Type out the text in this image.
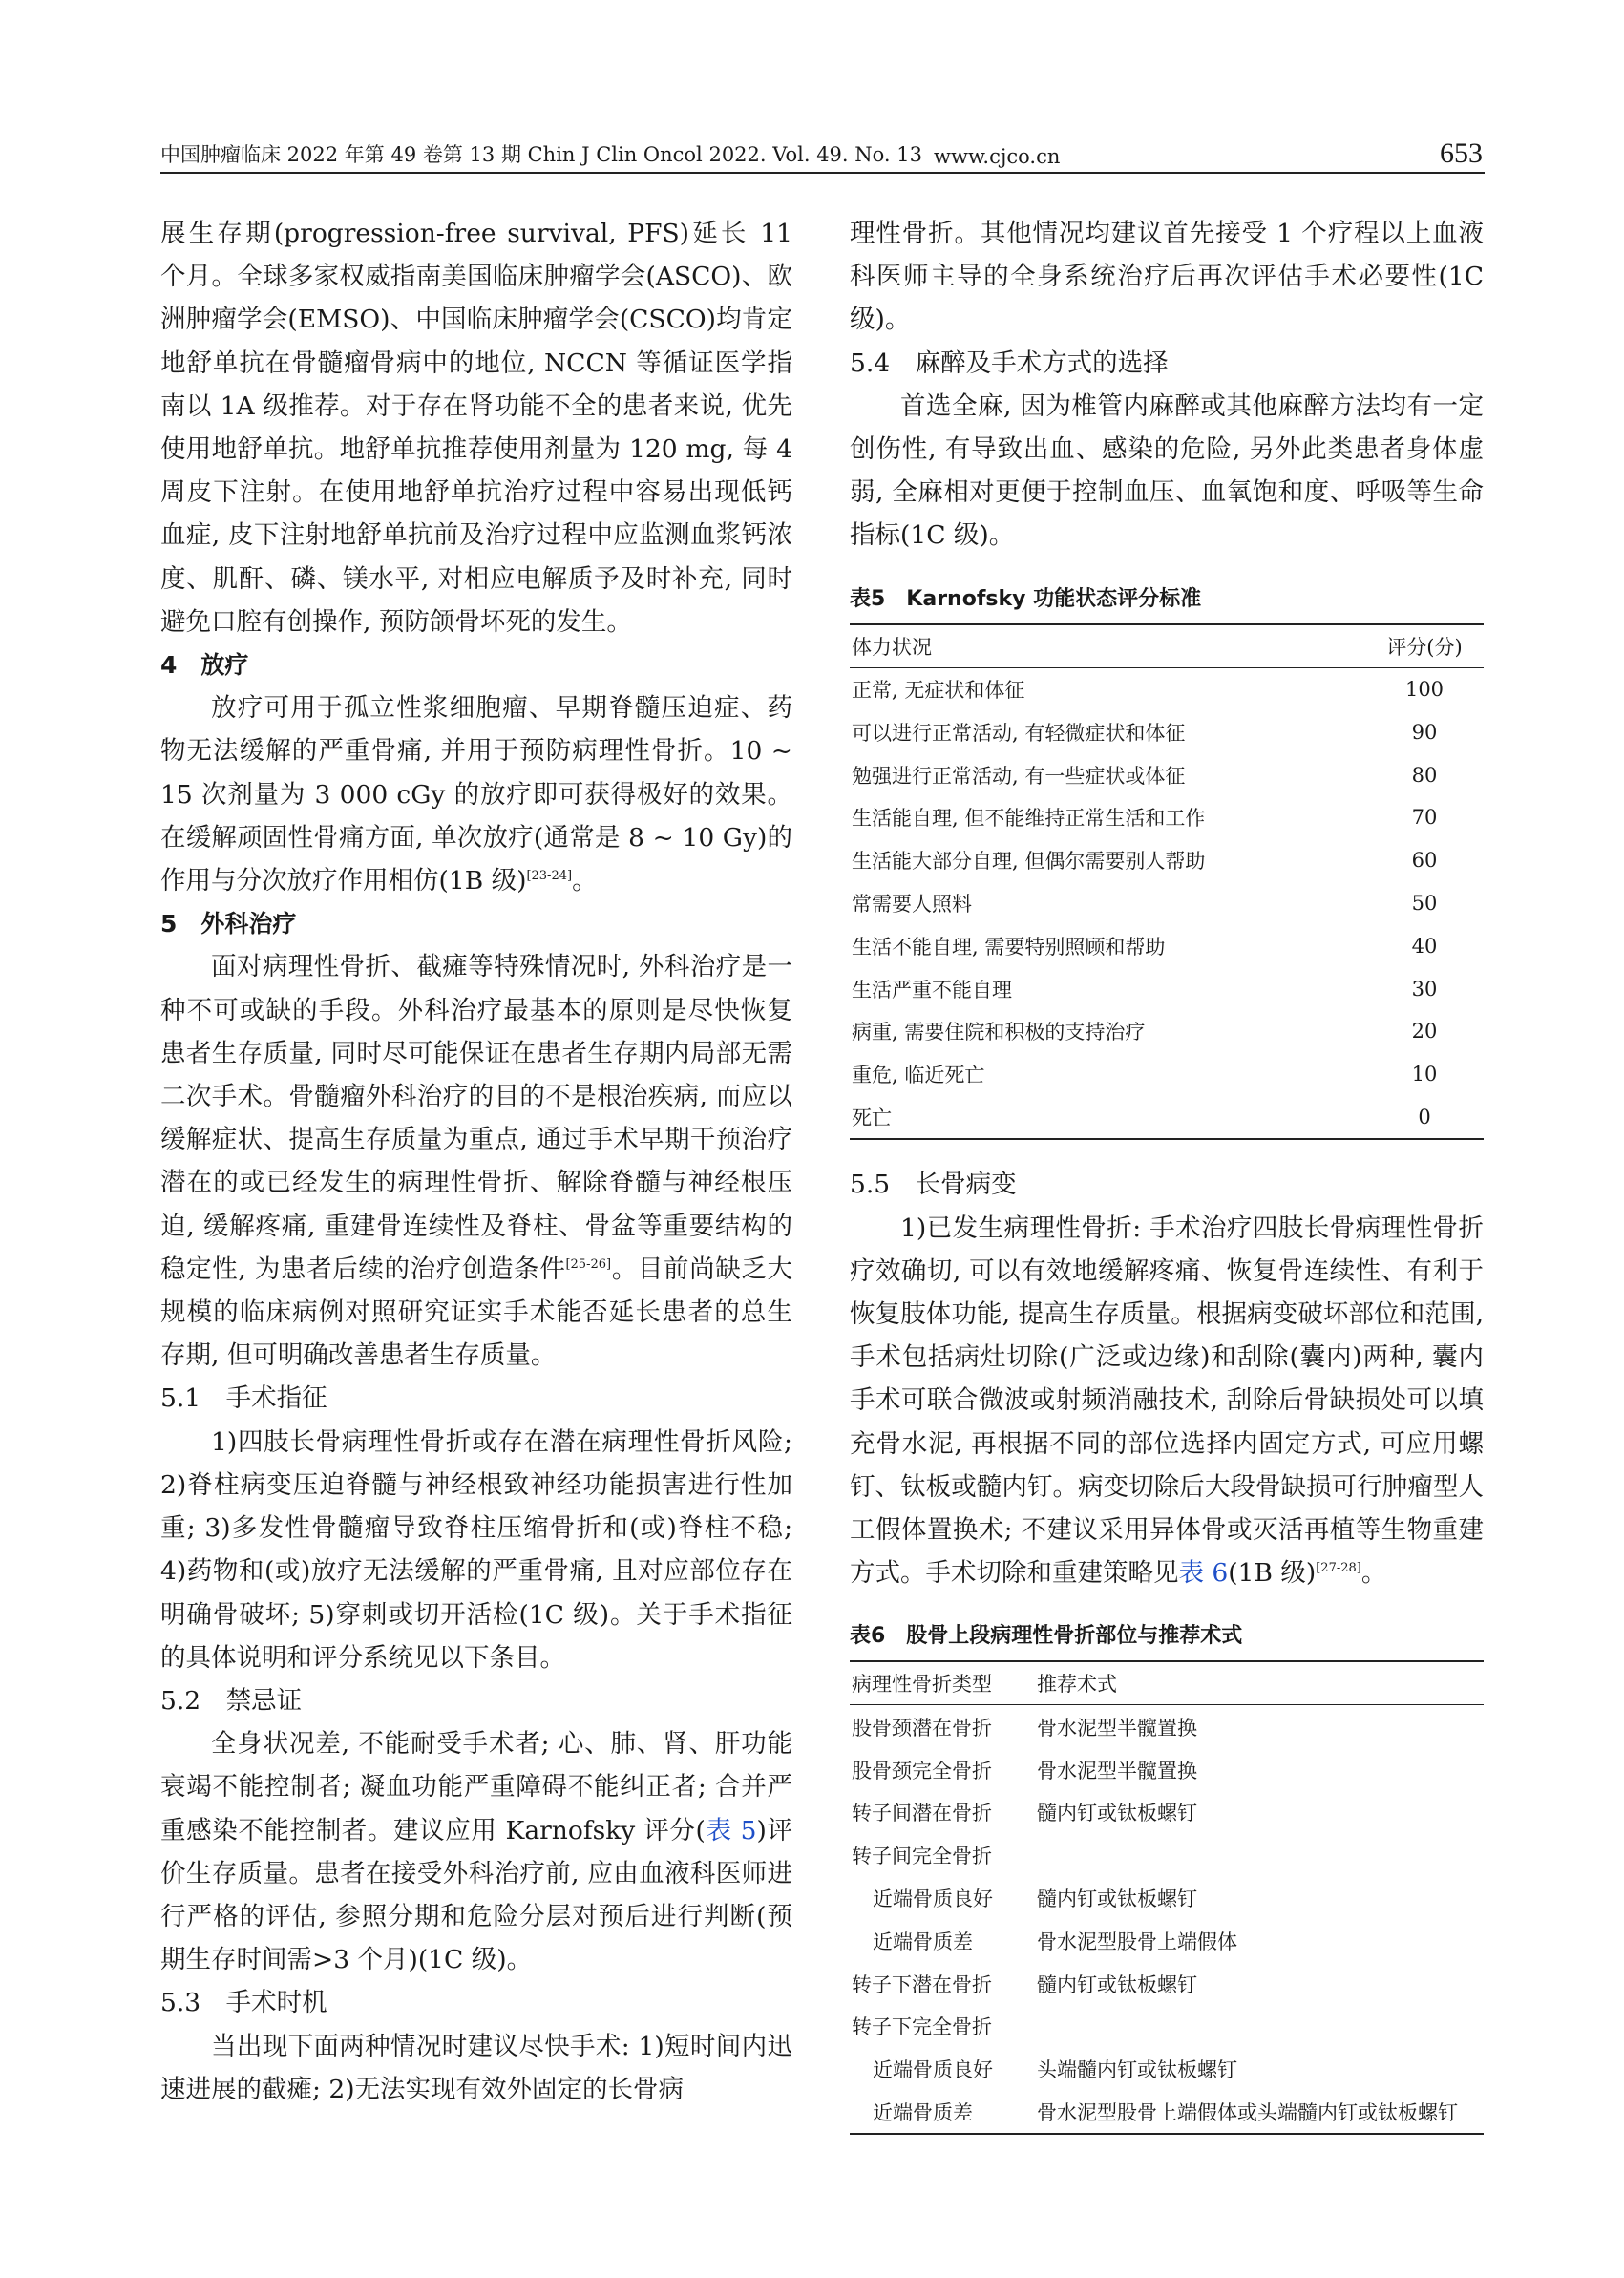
中国肿瘤临床 2022 年第 49 卷第 13 期 Chin J Clin Oncol 2022. Vol. 49. No. 13 www.cjco.cn	653

展生存期(progression-free survival, PFS)延长 11 个月。全球多家权威指南美国临床肿瘤学会(ASCO)、欧洲肿瘤学会(EMSO)、中国临床肿瘤学会(CSCO)均肯定地舒单抗在骨髓瘤骨病中的地位, NCCN 等循证医学指南以 1A 级推荐。对于存在肾功能不全的患者来说, 优先使用地舒单抗。地舒单抗推荐使用剂量为 120 mg, 每 4 周皮下注射。在使用地舒单抗治疗过程中容易出现低钙血症, 皮下注射地舒单抗前及治疗过程中应监测血浆钙浓度、肌酐、磷、镁水平, 对相应电解质予及时补充, 同时避免口腔有创操作, 预防颌骨坏死的发生。

4　放疗

放疗可用于孤立性浆细胞瘤、早期脊髓压迫症、药物无法缓解的严重骨痛, 并用于预防病理性骨折。10 ~ 15 次剂量为 3 000 cGy 的放疗即可获得极好的效果。在缓解顽固性骨痛方面, 单次放疗(通常是 8 ~ 10 Gy)的作用与分次放疗作用相仿(1B 级)[23-24]。

5　外科治疗

面对病理性骨折、截瘫等特殊情况时, 外科治疗是一种不可或缺的手段。外科治疗最基本的原则是尽快恢复患者生存质量, 同时尽可能保证在患者生存期内局部无需二次手术。骨髓瘤外科治疗的目的不是根治疾病, 而应以缓解症状、提高生存质量为重点, 通过手术早期干预治疗潜在的或已经发生的病理性骨折、解除脊髓与神经根压迫, 缓解疼痛, 重建骨连续性及脊柱、骨盆等重要结构的稳定性, 为患者后续的治疗创造条件[25-26]。目前尚缺乏大规模的临床病例对照研究证实手术能否延长患者的总生存期, 但可明确改善患者生存质量。

5.1　手术指征

1)四肢长骨病理性骨折或存在潜在病理性骨折风险; 2)脊柱病变压迫脊髓与神经根致神经功能损害进行性加重; 3)多发性骨髓瘤导致脊柱压缩骨折和(或)脊柱不稳; 4)药物和(或)放疗无法缓解的严重骨痛, 且对应部位存在明确骨破坏; 5)穿刺或切开活检(1C 级)。关于手术指征的具体说明和评分系统见以下条目。

5.2　禁忌证

全身状况差, 不能耐受手术者; 心、肺、肾、肝功能衰竭不能控制者; 凝血功能严重障碍不能纠正者; 合并严重感染不能控制者。建议应用 Karnofsky 评分(表 5)评价生存质量。患者在接受外科治疗前, 应由血液科医师进行严格的评估, 参照分期和危险分层对预后进行判断(预期生存时间需>3 个月)(1C 级)。

5.3　手术时机

当出现下面两种情况时建议尽快手术: 1)短时间内迅速进展的截瘫; 2)无法实现有效外固定的长骨病

理性骨折。其他情况均建议首先接受 1 个疗程以上血液科医师主导的全身系统治疗后再次评估手术必要性(1C 级)。

5.4　麻醉及手术方式的选择

首选全麻, 因为椎管内麻醉或其他麻醉方法均有一定创伤性, 有导致出血、感染的危险, 另外此类患者身体虚弱, 全麻相对更便于控制血压、血氧饱和度、呼吸等生命指标(1C 级)。

表5　Karnofsky 功能状态评分标准
体力状况	评分(分)
正常, 无症状和体征	100
可以进行正常活动, 有轻微症状和体征	90
勉强进行正常活动, 有一些症状或体征	80
生活能自理, 但不能维持正常生活和工作	70
生活能大部分自理, 但偶尔需要别人帮助	60
常需要人照料	50
生活不能自理, 需要特别照顾和帮助	40
生活严重不能自理	30
病重, 需要住院和积极的支持治疗	20
重危, 临近死亡	10
死亡	0
5.5　长骨病变

1)已发生病理性骨折: 手术治疗四肢长骨病理性骨折疗效确切, 可以有效地缓解疼痛、恢复骨连续性、有利于恢复肢体功能, 提高生存质量。根据病变破坏部位和范围, 手术包括病灶切除(广泛或边缘)和刮除(囊内)两种, 囊内手术可联合微波或射频消融技术, 刮除后骨缺损处可以填充骨水泥, 再根据不同的部位选择内固定方式, 可应用螺钉、钛板或髓内钉。病变切除后大段骨缺损可行肿瘤型人工假体置换术; 不建议采用异体骨或灭活再植等生物重建方式。手术切除和重建策略见表 6(1B 级)[27-28]。

表6　股骨上段病理性骨折部位与推荐术式
病理性骨折类型	推荐术式
股骨颈潜在骨折	骨水泥型半髋置换
股骨颈完全骨折	骨水泥型半髋置换
转子间潜在骨折	髓内钉或钛板螺钉
转子间完全骨折	
近端骨质良好	髓内钉或钛板螺钉
近端骨质差	骨水泥型股骨上端假体
转子下潜在骨折	髓内钉或钛板螺钉
转子下完全骨折	
近端骨质良好	头端髓内钉或钛板螺钉
近端骨质差	骨水泥型股骨上端假体或头端髓内钉或钛板螺钉
